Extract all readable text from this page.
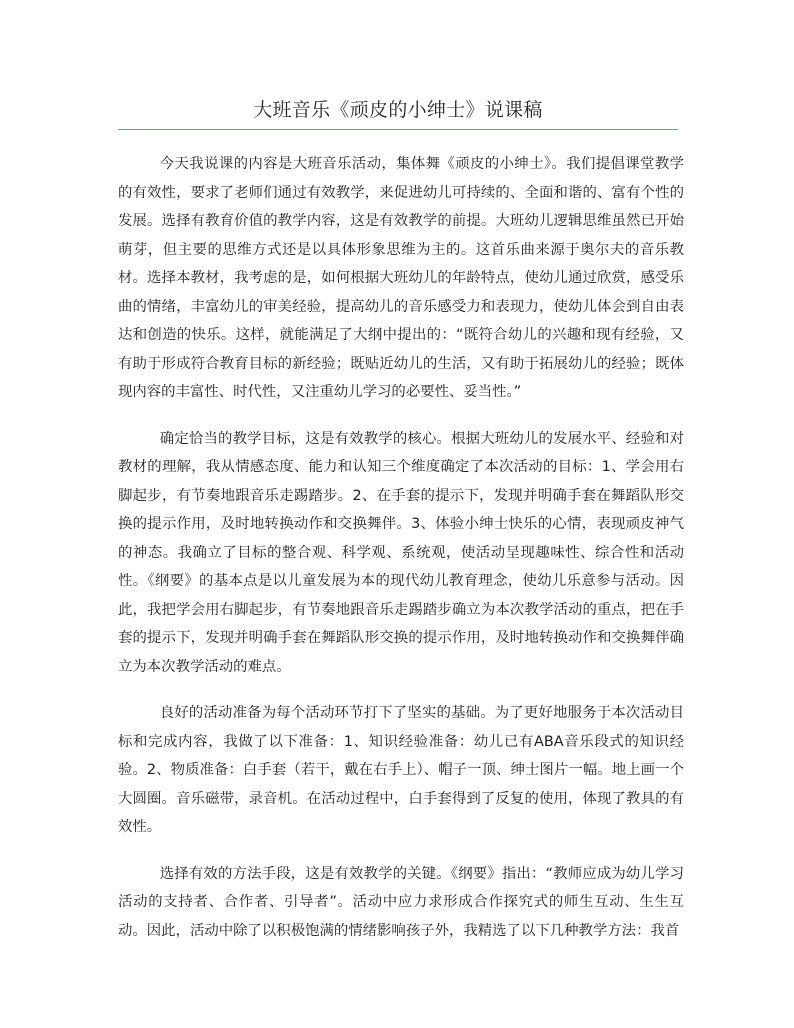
大班音乐《顽皮的小绅士》说课稿

今天我说课的内容是大班音乐活动，集体舞《顽皮的小绅士》。我们提倡课堂教学的有效性，要求了老师们通过有效教学，来促进幼儿可持续的、全面和谐的、富有个性的发展。选择有教育价值的教学内容，这是有效教学的前提。大班幼儿逻辑思维虽然已开始萌芽，但主要的思维方式还是以具体形象思维为主的。这首乐曲来源于奥尔夫的音乐教材。选择本教材，我考虑的是，如何根据大班幼儿的年龄特点，使幼儿通过欣赏，感受乐曲的情绪，丰富幼儿的审美经验，提高幼儿的音乐感受力和表现力，使幼儿体会到自由表达和创造的快乐。这样，就能满足了大纲中提出的：“既符合幼儿的兴趣和现有经验，又有助于形成符合教育目标的新经验；既贴近幼儿的生活，又有助于拓展幼儿的经验；既体现内容的丰富性、时代性，又注重幼儿学习的必要性、妥当性。”

确定恰当的教学目标，这是有效教学的核心。根据大班幼儿的发展水平、经验和对教材的理解，我从情感态度、能力和认知三个维度确定了本次活动的目标：1、学会用右脚起步，有节奏地跟音乐走踢踏步。2、在手套的提示下，发现并明确手套在舞蹈队形交换的提示作用，及时地转换动作和交换舞伴。3、体验小绅士快乐的心情，表现顽皮神气的神态。我确立了目标的整合观、科学观、系统观，使活动呈现趣味性、综合性和活动性。《纲要》的基本点是以儿童发展为本的现代幼儿教育理念，使幼儿乐意参与活动。因此，我把学会用右脚起步，有节奏地跟音乐走踢踏步确立为本次教学活动的重点，把在手套的提示下，发现并明确手套在舞蹈队形交换的提示作用，及时地转换动作和交换舞伴确立为本次教学活动的难点。

良好的活动准备为每个活动环节打下了坚实的基础。为了更好地服务于本次活动目标和完成内容，我做了以下准备：1、知识经验准备：幼儿已有ABA音乐段式的知识经验。2、物质准备：白手套（若干，戴在右手上）、帽子一顶、绅士图片一幅。地上画一个大圆圈。音乐磁带，录音机。在活动过程中，白手套得到了反复的使用，体现了教具的有效性。

选择有效的方法手段，这是有效教学的关键。《纲要》指出：“教师应成为幼儿学习活动的支持者、合作者、引导者”。活动中应力求形成合作探究式的师生互动、生生互动。因此，活动中除了以积极饱满的情绪影响孩子外，我精选了以下几种教学方法：我首
